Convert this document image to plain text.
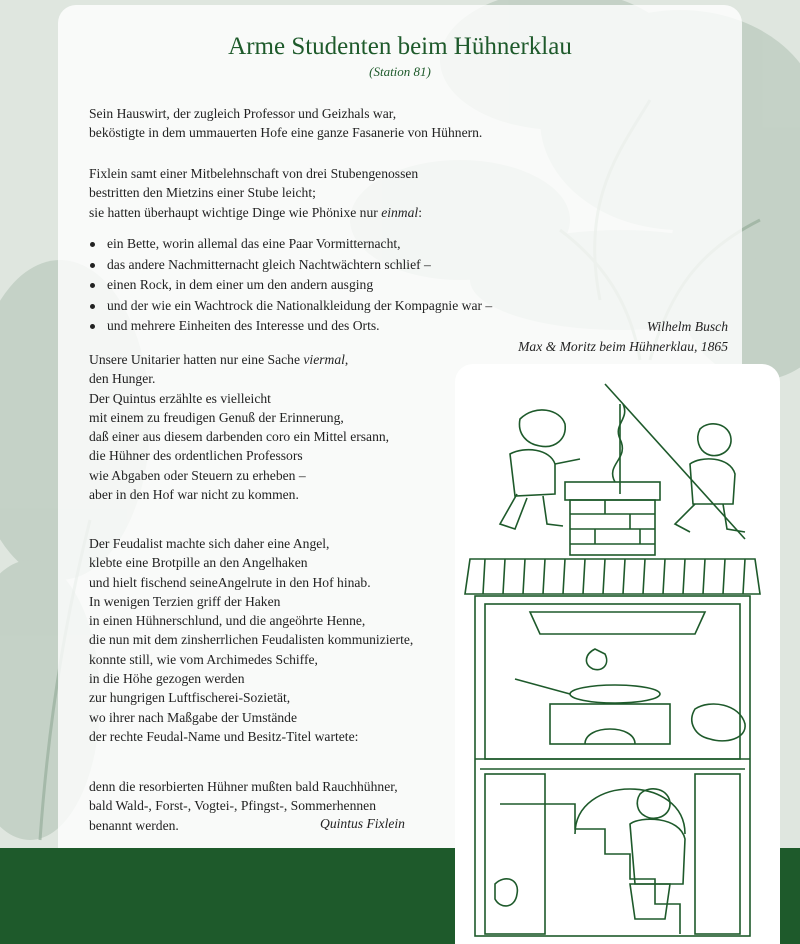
Arme Studenten beim Hühnerklau
(Station 81)

Sein Hauswirt, der zugleich Professor und Geizhals war,

beköstigte in dem ummauerten Hofe eine ganze Fasanerie von Hühnern.

Fixlein samt einer Mitbelehnschaft von drei Stubengenossen

bestritten den Mietzins einer Stube leicht;

sie hatten überhaupt wichtige Dinge wie Phönixe nur einmal:

ein Bette, worin allemal das eine Paar Vormitternacht,
das andere Nachmitternacht gleich Nachtwächtern schlief –
einen Rock, in dem einer um den andern ausging
und der wie ein Wachtrock die Nationalkleidung der Kompagnie war –
und mehrere Einheiten des Interesse und des Orts.	Wilhelm Busch
Max & Moritz beim Hühnerklau, 1865

Unsere Unitarier hatten nur eine Sache viermal,

den Hunger.

Der Quintus erzählte es vielleicht

mit einem zu freudigen Genuß der Erinnerung,

daß einer aus diesem darbenden coro ein Mittel ersann,

die Hühner des ordentlichen Professors

wie Abgaben oder Steuern zu erheben –

aber in den Hof war nicht zu kommen.

Der Feudalist machte sich daher eine Angel,

klebte eine Brotpille an den Angelhaken

und hielt fischend seineAngelrute in den Hof hinab.

In wenigen Terzien griff der Haken

in einen Hühnerschlund, und die angeöhrte Henne,

die nun mit dem zinsherrlichen Feudalisten kommunizierte,

konnte still, wie vom Archimedes Schiffe,

in die Höhe gezogen werden

zur hungrigen Luftfischerei-Sozietät,

wo ihrer nach Maßgabe der Umstände

der rechte Feudal-Name und Besitz-Titel wartete:

denn die resorbierten Hühner mußten bald Rauchhühner,

bald Wald-, Forst-, Vogtei-, Pfingst-, Sommerhennen

benannt werden.	Quintus Fixlein
